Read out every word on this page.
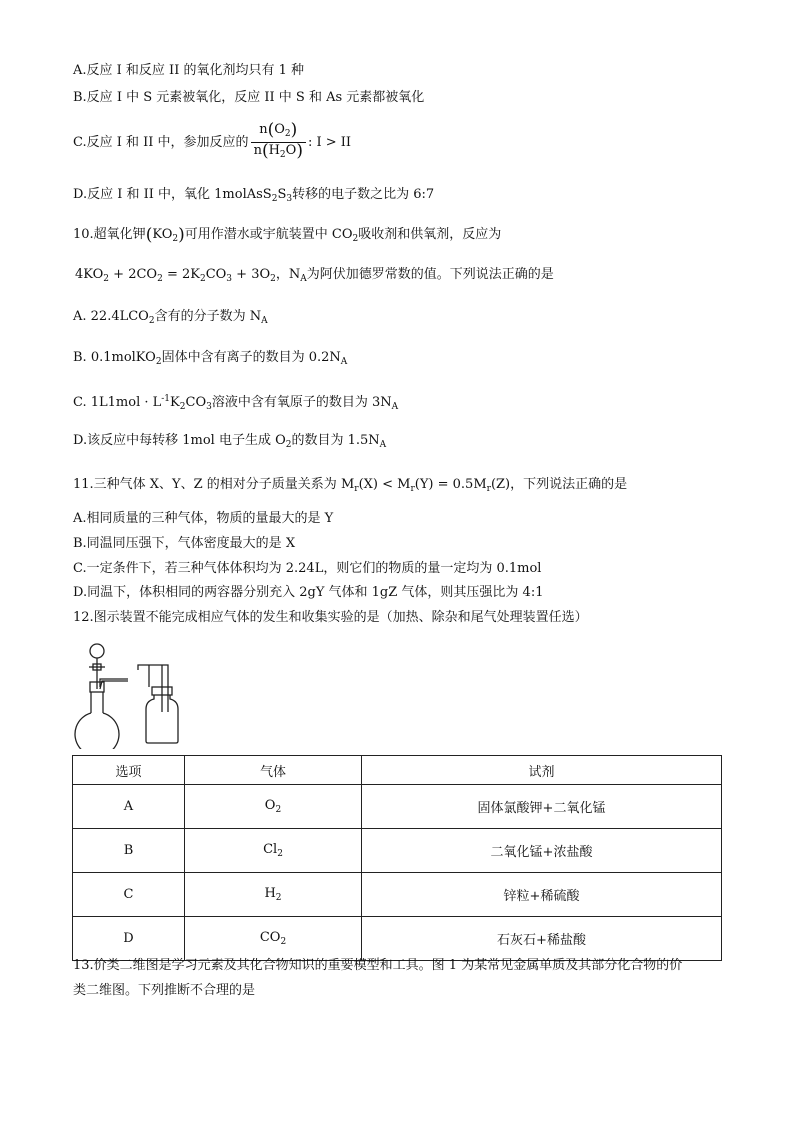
A.反应 I 和反应 II 的氧化剂均只有 1 种
B.反应 I 中 S 元素被氧化，反应 II 中 S 和 As 元素都被氧化
C.反应 I 和 II 中，参加反应的 $\frac{n(O_2)}{n(H_2O)}$ : I > II
D.反应 I 和 II 中，氧化 $1molAsS_2S_3$转移的电子数之比为 6:7
10.超氧化钾$(KO_2)$可用作潜水或宇航装置中 $CO_2$吸收剂和供氧剂，反应为
$4KO_2 + 2CO_2 = 2K_2CO_3 + 3O_2$，$N_A$为阿伏加德罗常数的值。下列说法正确的是
A. $22.4LCO_2$含有的分子数为 $N_A$
B. 0.1molKO$_2$固体中含有离子的数目为 $0.2N_A$
C. $1L1mol \cdot L^{-1}K_2CO_3$溶液中含有氧原子的数目为 $3N_A$
D.该反应中每转移 1mol 电子生成 $O_2$的数目为 $1.5N_A$
11.三种气体 X、Y、Z 的相对分子质量关系为 $M_r(X) < M_r(Y) = 0.5M_r(Z)$，下列说法正确的是
A.相同质量的三种气体，物质的量最大的是 Y
B.同温同压强下，气体密度最大的是 X
C.一定条件下，若三种气体体积均为 2.24L，则它们的物质的量一定均为 0.1mol
D.同温下，体积相同的两容器分别充入 2gY 气体和 1gZ 气体，则其压强比为 4:1
12.图示装置不能完成相应气体的发生和收集实验的是（加热、除杂和尾气处理装置任选）
选项	气体	试剂
A	$O_2$	固体氯酸钾+二氧化锰
B	$Cl_2$	二氧化锰+浓盐酸
C	$H_2$	锌粒+稀硫酸
D	$CO_2$	石灰石+稀盐酸
13.价类二维图是学习元素及其化合物知识的重要模型和工具。图 1 为某常见金属单质及其部分化合物的价
类二维图。下列推断不合理的是
